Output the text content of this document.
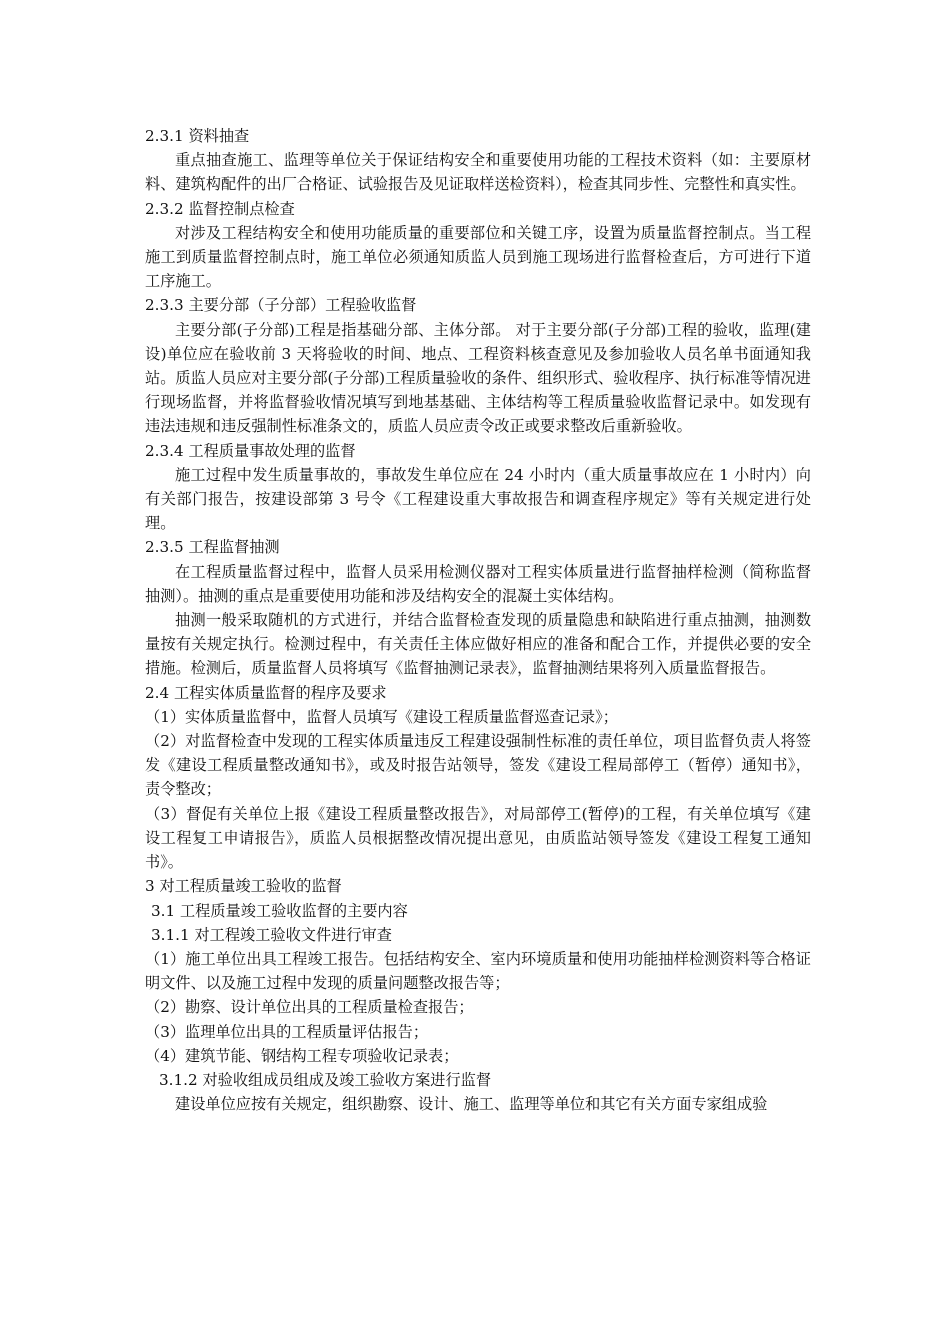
2.3.1 资料抽查

重点抽查施工、监理等单位关于保证结构安全和重要使用功能的工程技术资料（如：主要原材料、建筑构配件的出厂合格证、试验报告及见证取样送检资料），检查其同步性、完整性和真实性。

2.3.2 监督控制点检查

对涉及工程结构安全和使用功能质量的重要部位和关键工序，设置为质量监督控制点。当工程施工到质量监督控制点时，施工单位必须通知质监人员到施工现场进行监督检查后，方可进行下道工序施工。

2.3.3 主要分部（子分部）工程验收监督

主要分部(子分部)工程是指基础分部、主体分部。 对于主要分部(子分部)工程的验收，监理(建设)单位应在验收前 3 天将验收的时间、地点、工程资料核查意见及参加验收人员名单书面通知我站。质监人员应对主要分部(子分部)工程质量验收的条件、组织形式、验收程序、执行标准等情况进行现场监督，并将监督验收情况填写到地基基础、主体结构等工程质量验收监督记录中。如发现有违法违规和违反强制性标准条文的，质监人员应责令改正或要求整改后重新验收。

2.3.4 工程质量事故处理的监督

施工过程中发生质量事故的，事故发生单位应在 24 小时内（重大质量事故应在 1 小时内）向有关部门报告，按建设部第 3 号令《工程建设重大事故报告和调查程序规定》等有关规定进行处理。

2.3.5 工程监督抽测

在工程质量监督过程中，监督人员采用检测仪器对工程实体质量进行监督抽样检测（简称监督抽测）。抽测的重点是重要使用功能和涉及结构安全的混凝土实体结构。

抽测一般采取随机的方式进行，并结合监督检查发现的质量隐患和缺陷进行重点抽测，抽测数量按有关规定执行。检测过程中，有关责任主体应做好相应的准备和配合工作，并提供必要的安全措施。检测后，质量监督人员将填写《监督抽测记录表》，监督抽测结果将列入质量监督报告。

2.4 工程实体质量监督的程序及要求

（1）实体质量监督中，监督人员填写《建设工程质量监督巡查记录》；

（2）对监督检查中发现的工程实体质量违反工程建设强制性标准的责任单位，项目监督负责人将签发《建设工程质量整改通知书》，或及时报告站领导，签发《建设工程局部停工（暂停）通知书》，责令整改；

（3）督促有关单位上报《建设工程质量整改报告》，对局部停工(暂停)的工程，有关单位填写《建设工程复工申请报告》，质监人员根据整改情况提出意见，由质监站领导签发《建设工程复工通知书》。

3 对工程质量竣工验收的监督

3.1 工程质量竣工验收监督的主要内容

3.1.1 对工程竣工验收文件进行审查

（1）施工单位出具工程竣工报告。包括结构安全、室内环境质量和使用功能抽样检测资料等合格证明文件、以及施工过程中发现的质量问题整改报告等；

（2）勘察、设计单位出具的工程质量检查报告；

（3）监理单位出具的工程质量评估报告；

（4）建筑节能、钢结构工程专项验收记录表；

3.1.2 对验收组成员组成及竣工验收方案进行监督

建设单位应按有关规定，组织勘察、设计、施工、监理等单位和其它有关方面专家组成验
